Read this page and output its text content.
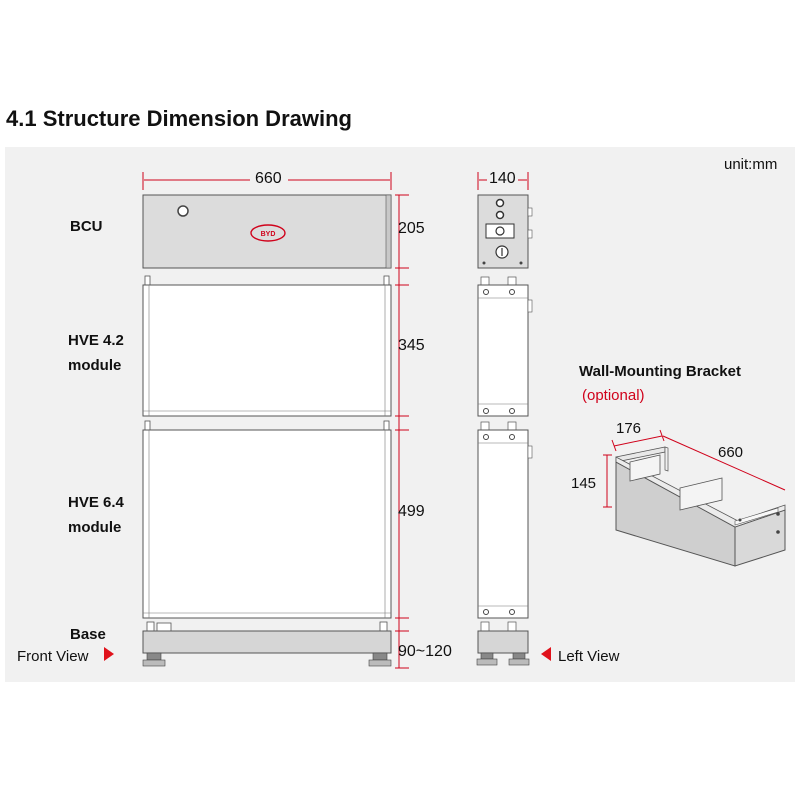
4.1 Structure Dimension Drawing
BYD
unit:mm
660	140
BCU
HVE 4.2
module
HVE 6.4
module
Base
205
345
499
90~120
Front View	Left View
Wall-Mounting Bracket
(optional)
176
660
145
